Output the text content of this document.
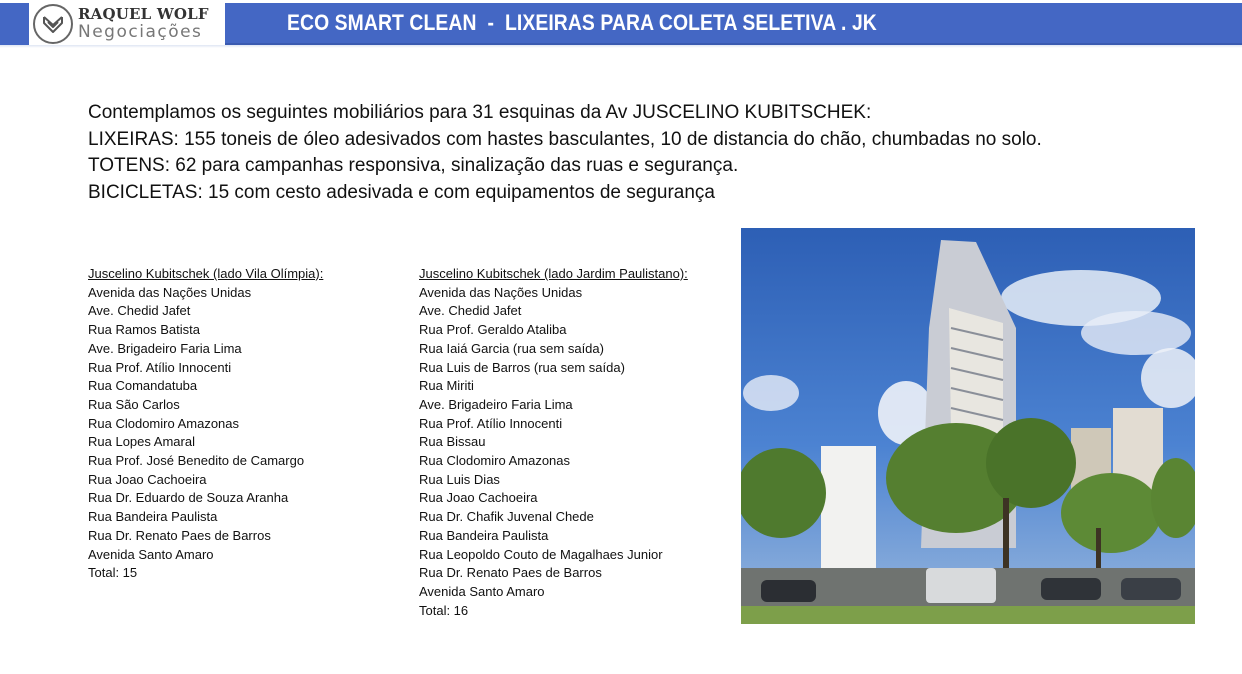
RAQUEL WOLF
Negociações	ECO SMART CLEAN  -  LIXEIRAS PARA COLETA SELETIVA . JK

Contemplamos os seguintes mobiliários para 31 esquinas da Av JUSCELINO KUBITSCHEK:

LIXEIRAS: 155 toneis de óleo adesivados com hastes basculantes, 10 de distancia do chão, chumbadas no solo.

TOTENS: 62 para campanhas responsiva, sinalização das ruas e segurança.

BICICLETAS: 15 com cesto adesivada e com equipamentos de segurança

Juscelino Kubitschek (lado Vila Olímpia):
Avenida das Nações Unidas
Ave. Chedid Jafet
Rua Ramos Batista
Ave. Brigadeiro Faria Lima
Rua Prof. Atílio Innocenti
Rua Comandatuba
Rua São Carlos
Rua Clodomiro Amazonas
Rua Lopes Amaral
Rua Prof. José Benedito de Camargo
Rua Joao Cachoeira
Rua Dr. Eduardo de Souza Aranha
Rua Bandeira Paulista
Rua Dr. Renato Paes de Barros
Avenida Santo Amaro
Total: 15
Juscelino Kubitschek (lado Jardim Paulistano):
Avenida das Nações Unidas
Ave. Chedid Jafet
Rua Prof. Geraldo Ataliba
Rua Iaiá Garcia (rua sem saída)
Rua Luis de Barros (rua sem saída)
Rua Miriti
Ave. Brigadeiro Faria Lima
Rua Prof. Atílio Innocenti
Rua Bissau
Rua Clodomiro Amazonas
Rua Luis Dias
Rua Joao Cachoeira
Rua Dr. Chafik Juvenal Chede
Rua Bandeira Paulista
Rua Leopoldo Couto de Magalhaes Junior
Rua Dr. Renato Paes de Barros
Avenida Santo Amaro
Total: 16
